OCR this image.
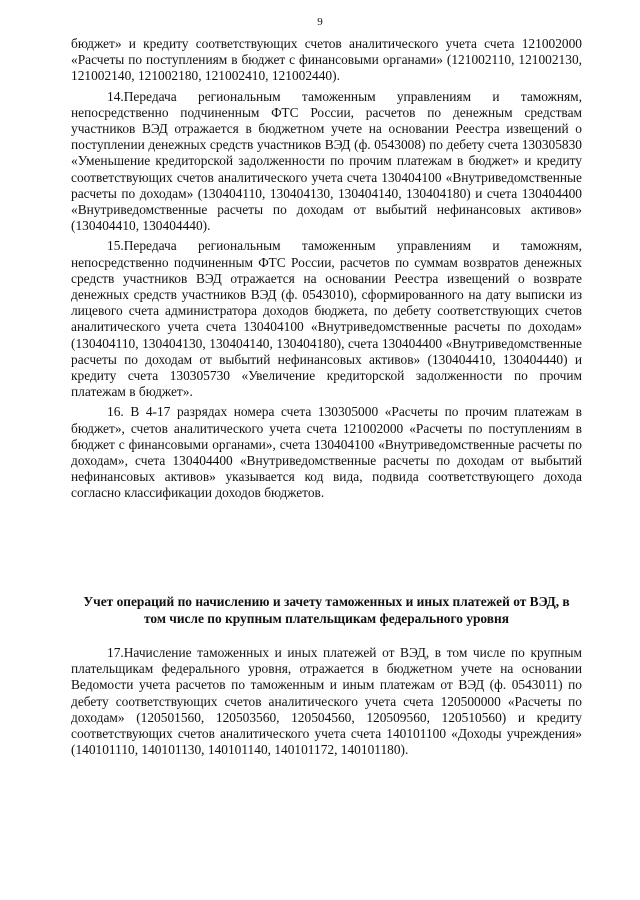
9

бюджет» и кредиту соответствующих счетов аналитического учета счета 121002000 «Расчеты по поступлениям в бюджет с финансовыми органами» (121002110, 121002130, 121002140, 121002180, 121002410, 121002440).

14.Передача региональным таможенным управлениям и таможням, непосредственно подчиненным ФТС России, расчетов по денежным средствам участников ВЭД отражается в бюджетном учете на основании Реестра извещений о поступлении денежных средств участников ВЭД (ф. 0543008) по дебету счета 130305830 «Уменьшение кредиторской задолженности по прочим платежам в бюджет» и кредиту соответствующих счетов аналитического учета счета 130404100 «Внутриведомственные расчеты по доходам» (130404110, 130404130, 130404140, 130404180) и счета 130404400 «Внутриведомственные расчеты по доходам от выбытий нефинансовых активов» (130404410, 130404440).

15.Передача региональным таможенным управлениям и таможням, непосредственно подчиненным ФТС России, расчетов по суммам возвратов денежных средств участников ВЭД отражается на основании Реестра извещений о возврате денежных средств участников ВЭД (ф. 0543010), сформированного на дату выписки из лицевого счета администратора доходов бюджета, по дебету соответствующих счетов аналитического учета счета 130404100 «Внутриведомственные расчеты по доходам» (130404110, 130404130, 130404140, 130404180), счета 130404400 «Внутриведомственные расчеты по доходам от выбытий нефинансовых активов» (130404410, 130404440) и кредиту счета 130305730 «Увеличение кредиторской задолженности по прочим платежам в бюджет».

16. В 4-17 разрядах номера счета 130305000 «Расчеты по прочим платежам в бюджет», счетов аналитического учета счета 121002000 «Расчеты по поступлениям в бюджет с финансовыми органами», счета 130404100 «Внутриведомственные расчеты по доходам», счета 130404400 «Внутриведомственные расчеты по доходам от выбытий нефинансовых активов» указывается код вида, подвида соответствующего дохода согласно классификации доходов бюджетов.

Учет операций по начислению и зачету таможенных и иных платежей от ВЭД, в том числе по крупным плательщикам федерального уровня

17.Начисление таможенных и иных платежей от ВЭД, в том числе по крупным плательщикам федерального уровня, отражается в бюджетном учете на основании Ведомости учета расчетов по таможенным и иным платежам от ВЭД (ф. 0543011) по дебету соответствующих счетов аналитического учета счета 120500000 «Расчеты по доходам» (120501560, 120503560, 120504560, 120509560, 120510560) и кредиту соответствующих счетов аналитического учета счета 140101100 «Доходы учреждения» (140101110, 140101130, 140101140, 140101172, 140101180).
